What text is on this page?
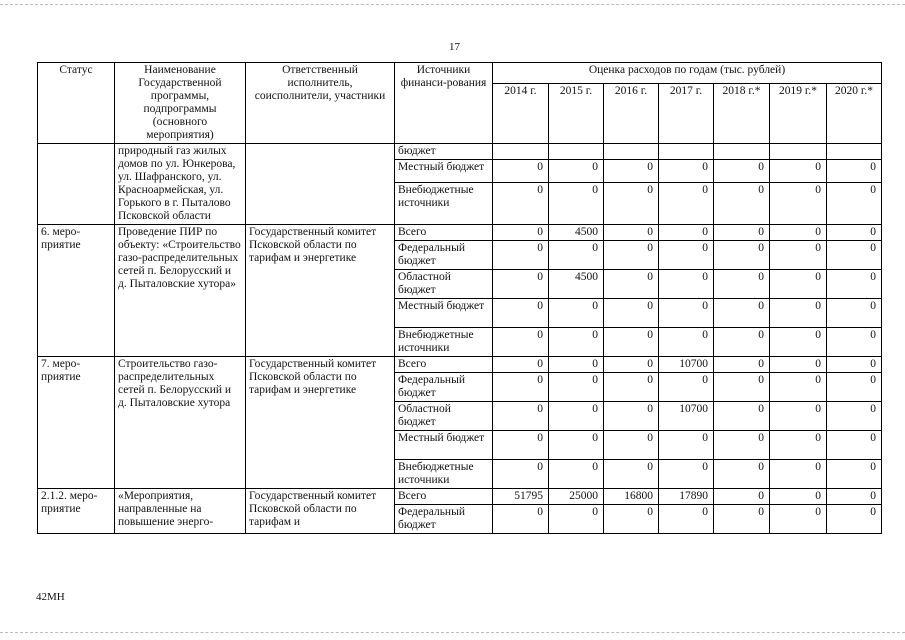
17
Статус	Наименование Государственной программы, подпрограммы (основного мероприятия)	Ответственный исполнитель, соисполнители, участники	Источники финанси-рования	Оценка расходов по годам (тыс. рублей)						
				2014 г.	2015 г.	2016 г.	2017 г.	2018 г.*	2019 г.*	2020 г.*
	природный газ жилых домов по ул. Юнкерова, ул. Шафранского, ул. Красноармейская, ул. Горького в г. Пыталово Псковской области		бюджет							
			Местный бюджет	0	0	0	0	0	0	0
			Внебюджетные источники	0	0	0	0	0	0	0
6. меро-приятие	Проведение ПИР по объекту: «Строительство газо-распределительных сетей п. Белорусский и д. Пыталовские хутора»	Государственный комитет Псковской области по тарифам и энергетике	Всего	0	4500	0	0	0	0	0
			Федеральный бюджет	0	0	0	0	0	0	0
			Областной бюджет	0	4500	0	0	0	0	0
			Местный бюджет	0	0	0	0	0	0	0
			Внебюджетные источники	0	0	0	0	0	0	0
7. меро-приятие	Строительство газо-распределительных сетей п. Белорусский и д. Пыталовские хутора	Государственный комитет Псковской области по тарифам и энергетике	Всего	0	0	0	10700	0	0	0
			Федеральный бюджет	0	0	0	0	0	0	0
			Областной бюджет	0	0	0	10700	0	0	0
			Местный бюджет	0	0	0	0	0	0	0
			Внебюджетные источники	0	0	0	0	0	0	0
2.1.2. меро-приятие	«Мероприятия, направленные на повышение энерго-	Государственный комитет Псковской области по тарифам и	Всего	51795	25000	16800	17890	0	0	0
			Федеральный бюджет	0	0	0	0	0	0	0
42МН
